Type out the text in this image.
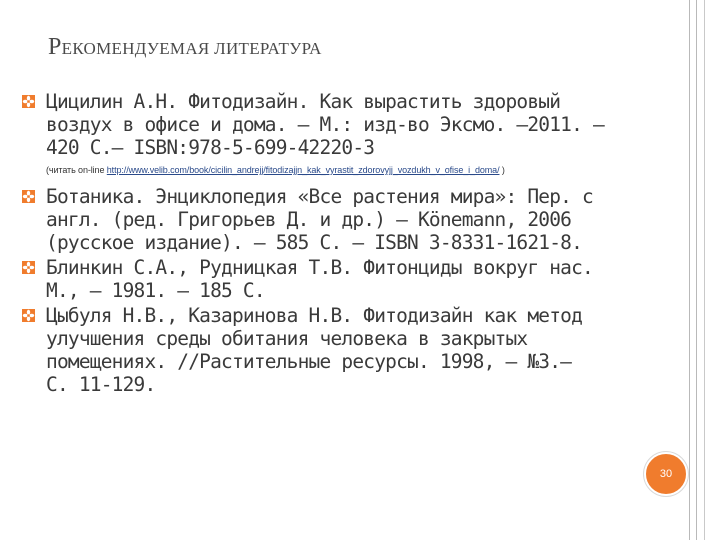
РЕКОМЕНДУЕМАЯ ЛИТЕРАТУРА
Цицилин А.Н. Фитодизайн. Как вырастить здоровый
воздух в офисе и дома. — М.: изд-во Эксмо. —2011. —
420 С.— ISBN:978-5-699-42220-3
(читать on-line http://www.velib.com/book/cicilin_andrejj/fitodizajjn_kak_vyrastit_zdorovyjj_vozdukh_v_ofise_i_doma/ )
Ботаника. Энциклопедия «Все растения мира»: Пер. с
англ. (ред. Григорьев Д. и др.) — Könemann, 2006
(русское издание). — 585 С. — ISBN 3-8331-1621-8.
Блинкин С.А., Рудницкая Т.В. Фитонциды вокруг нас.
М., — 1981. — 185 С.
Цыбуля Н.В., Казаринова Н.В. Фитодизайн как метод
улучшения среды обитания человека в закрытых
помещениях. //Растительные ресурсы. 1998, — №3.—
С. 11-129.
30
